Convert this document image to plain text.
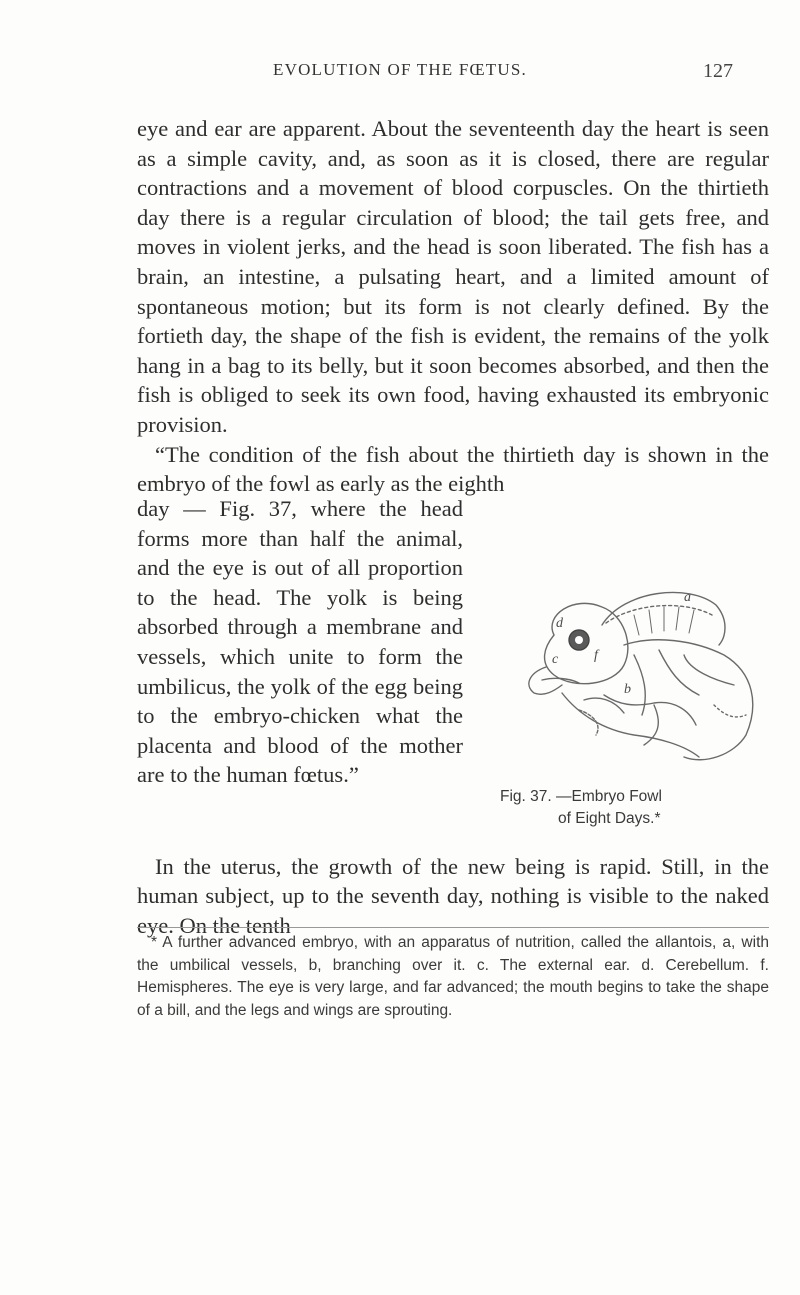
EVOLUTION OF THE FŒTUS.	127

eye and ear are apparent. About the seventeenth day the heart is seen as a simple cavity, and, as soon as it is closed, there are regular contractions and a movement of blood corpuscles. On the thirtieth day there is a regular circulation of blood; the tail gets free, and moves in violent jerks, and the head is soon liberated. The fish has a brain, an intestine, a pulsating heart, and a limited amount of spontaneous motion; but its form is not clearly defined. By the fortieth day, the shape of the fish is evident, the remains of the yolk hang in a bag to its belly, but it soon becomes absorbed, and then the fish is obliged to seek its own food, having exhausted its embryonic provision.

“The condition of the fish about the thirtieth day is shown in the embryo of the fowl as early as the eighth

day — Fig. 37, where the head forms more than half the animal, and the eye is out of all proportion to the head. The yolk is being absorbed through a membrane and vessels, which unite to form the umbilicus, the yolk of the egg being to the embryo-chicken what the placenta and blood of the mother are to the human fœtus.”
a
b
c
d
f
Fig. 37. —Embryo Fowl
of Eight Days.*

In the uterus, the growth of the new being is rapid. Still, in the human subject, up to the seventh day, nothing is visible to the naked eye. On the tenth

* A further advanced embryo, with an apparatus of nutrition, called the allantois, a, with the umbilical vessels, b, branching over it. c. The external ear. d. Cerebellum. f. Hemispheres. The eye is very large, and far advanced; the mouth begins to take the shape of a bill, and the legs and wings are sprouting.
